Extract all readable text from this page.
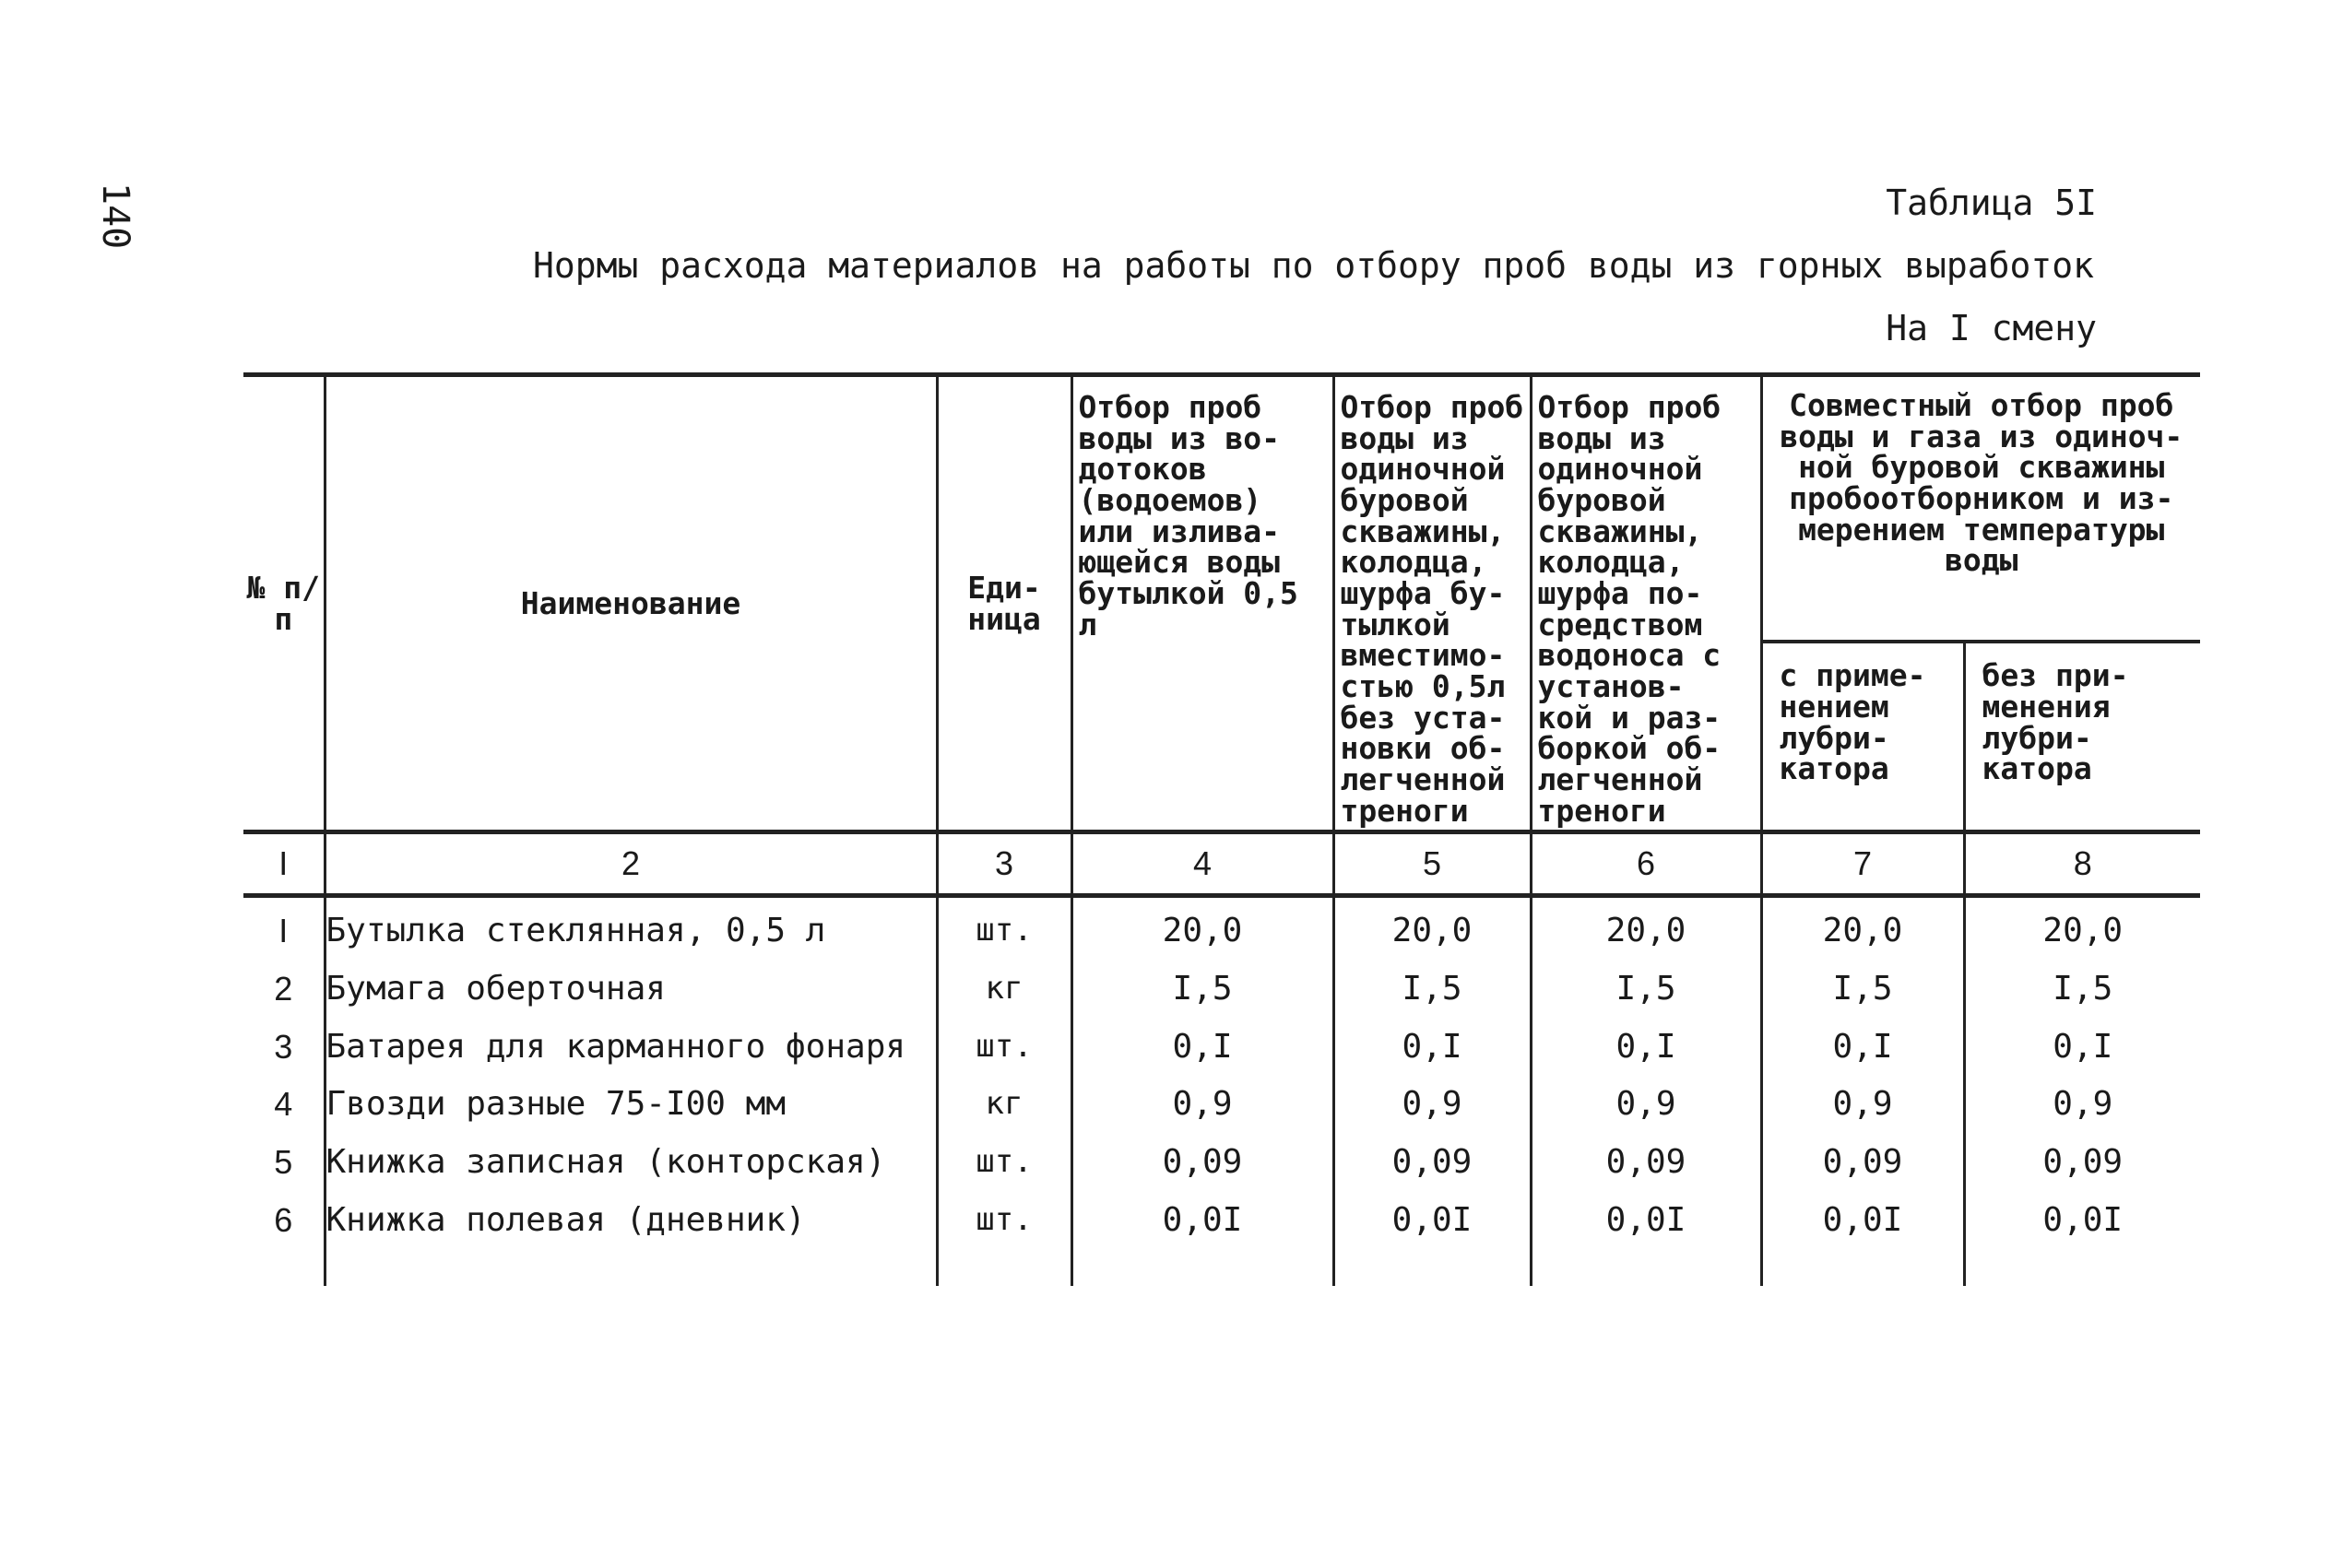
140	Таблица 5I
Нормы расхода материалов на работы по отбору проб воды из горных выработок
На I смену
№ п/п	Наименование	Еди- ница	Отбор проб воды из во- дотоков (водоемов) или излива- ющейся воды бутылкой 0,5 л	Отбор проб воды из одиночной буровой скважины, колодца, шурфа бу- тылкой вместимо- стью 0,5л без уста- новки об- легченной треноги	Отбор проб воды из одиночной буровой скважины, колодца, шурфа по- средством водоноса с установ- кой и раз- боркой об- легченной треноги	Совместный отбор проб воды и газа из одиноч- ной буровой скважины пробоотборником и из- мерением температуры воды	
						с приме- нением лубри- катора	без при- менения лубри- катора
I	2	3	4	5	6	7	8
I	Бутылка стеклянная, 0,5 л	шт.	20,0	20,0	20,0	20,0	20,0
2	Бумага оберточная	кг	I,5	I,5	I,5	I,5	I,5
3	Батарея для карманного фонаря	шт.	0,I	0,I	0,I	0,I	0,I
4	Гвозди разные 75-I00 мм	кг	0,9	0,9	0,9	0,9	0,9
5	Книжка записная (конторская)	шт.	0,09	0,09	0,09	0,09	0,09
6	Книжка полевая (дневник)	шт.	0,0I	0,0I	0,0I	0,0I	0,0I
